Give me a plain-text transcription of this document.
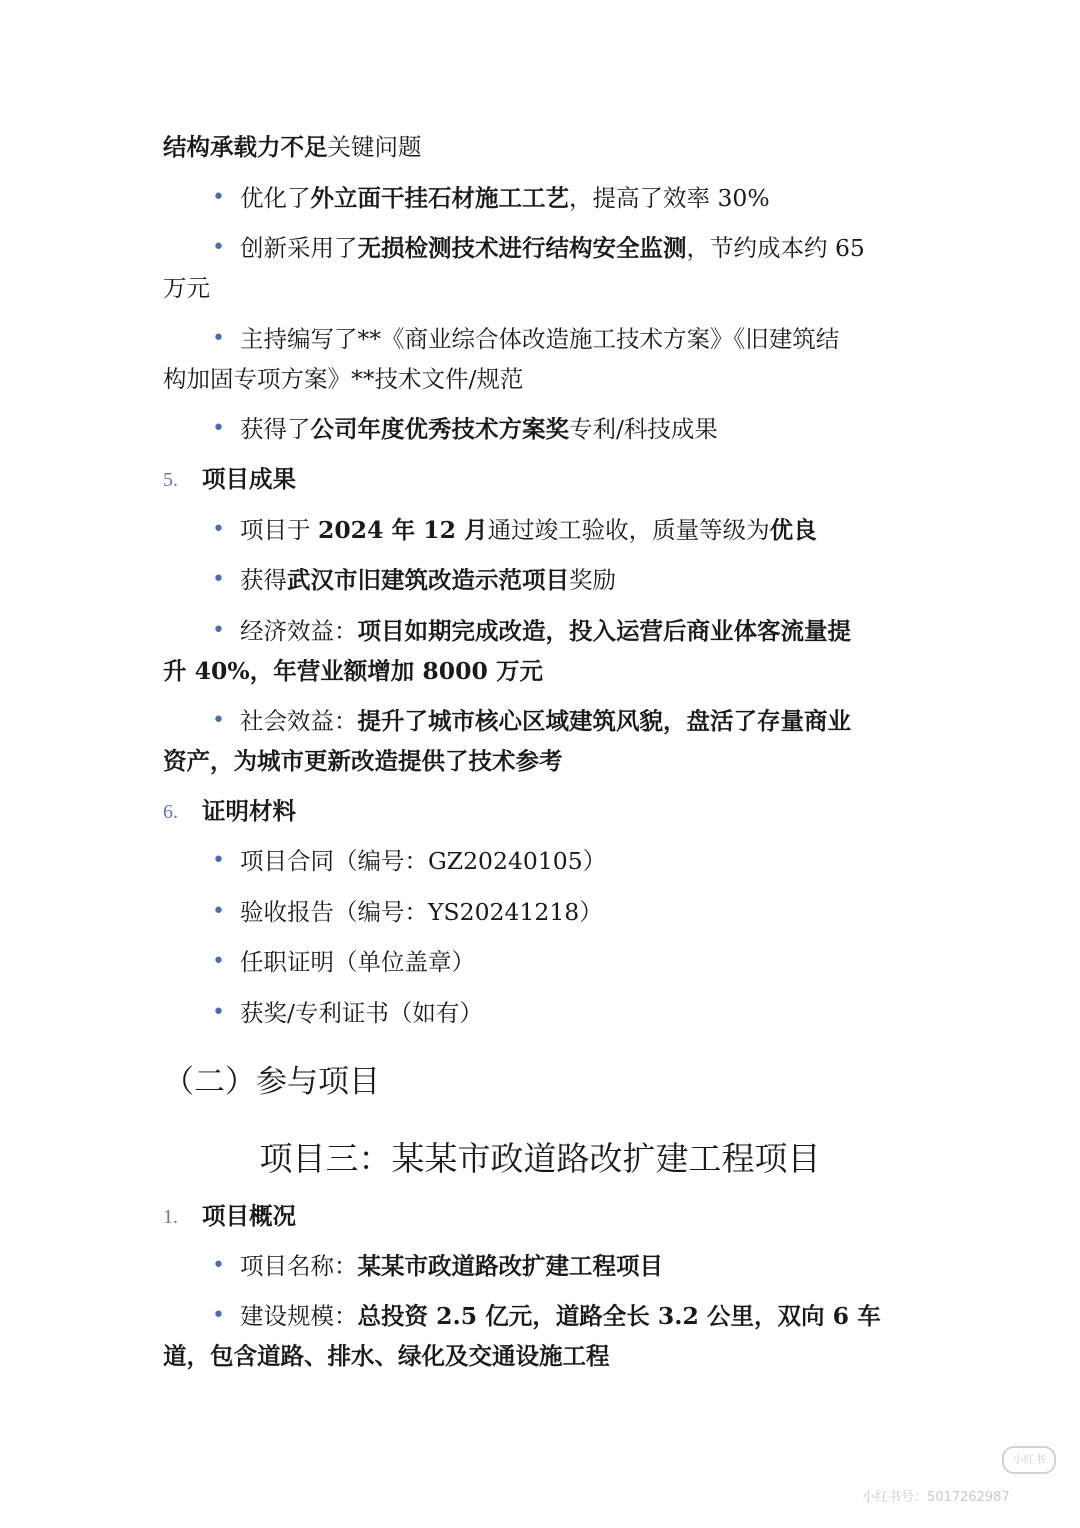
结构承载力不足关键问题
• 优化了外立面干挂石材施工工艺，提高了效率 30%
• 创新采用了无损检测技术进行结构安全监测，节约成本约 65
万元
• 主持编写了**《商业综合体改造施工技术方案》《旧建筑结
构加固专项方案》**技术文件/规范
• 获得了公司年度优秀技术方案奖专利/科技成果
5. 项目成果
• 项目于 2024 年 12 月通过竣工验收，质量等级为优良
• 获得武汉市旧建筑改造示范项目奖励
• 经济效益：项目如期完成改造，投入运营后商业体客流量提
升 40%，年营业额增加 8000 万元
• 社会效益：提升了城市核心区域建筑风貌，盘活了存量商业
资产，为城市更新改造提供了技术参考
6. 证明材料
• 项目合同（编号：GZ20240105）
• 验收报告（编号：YS20241218）
• 任职证明（单位盖章）
• 获奖/专利证书（如有）
（二）参与项目
项目三：某某市政道路改扩建工程项目
1. 项目概况
• 项目名称：某某市政道路改扩建工程项目
• 建设规模：总投资 2.5 亿元，道路全长 3.2 公里，双向 6 车
道，包含道路、排水、绿化及交通设施工程
小红书
小红书号：5017262987
